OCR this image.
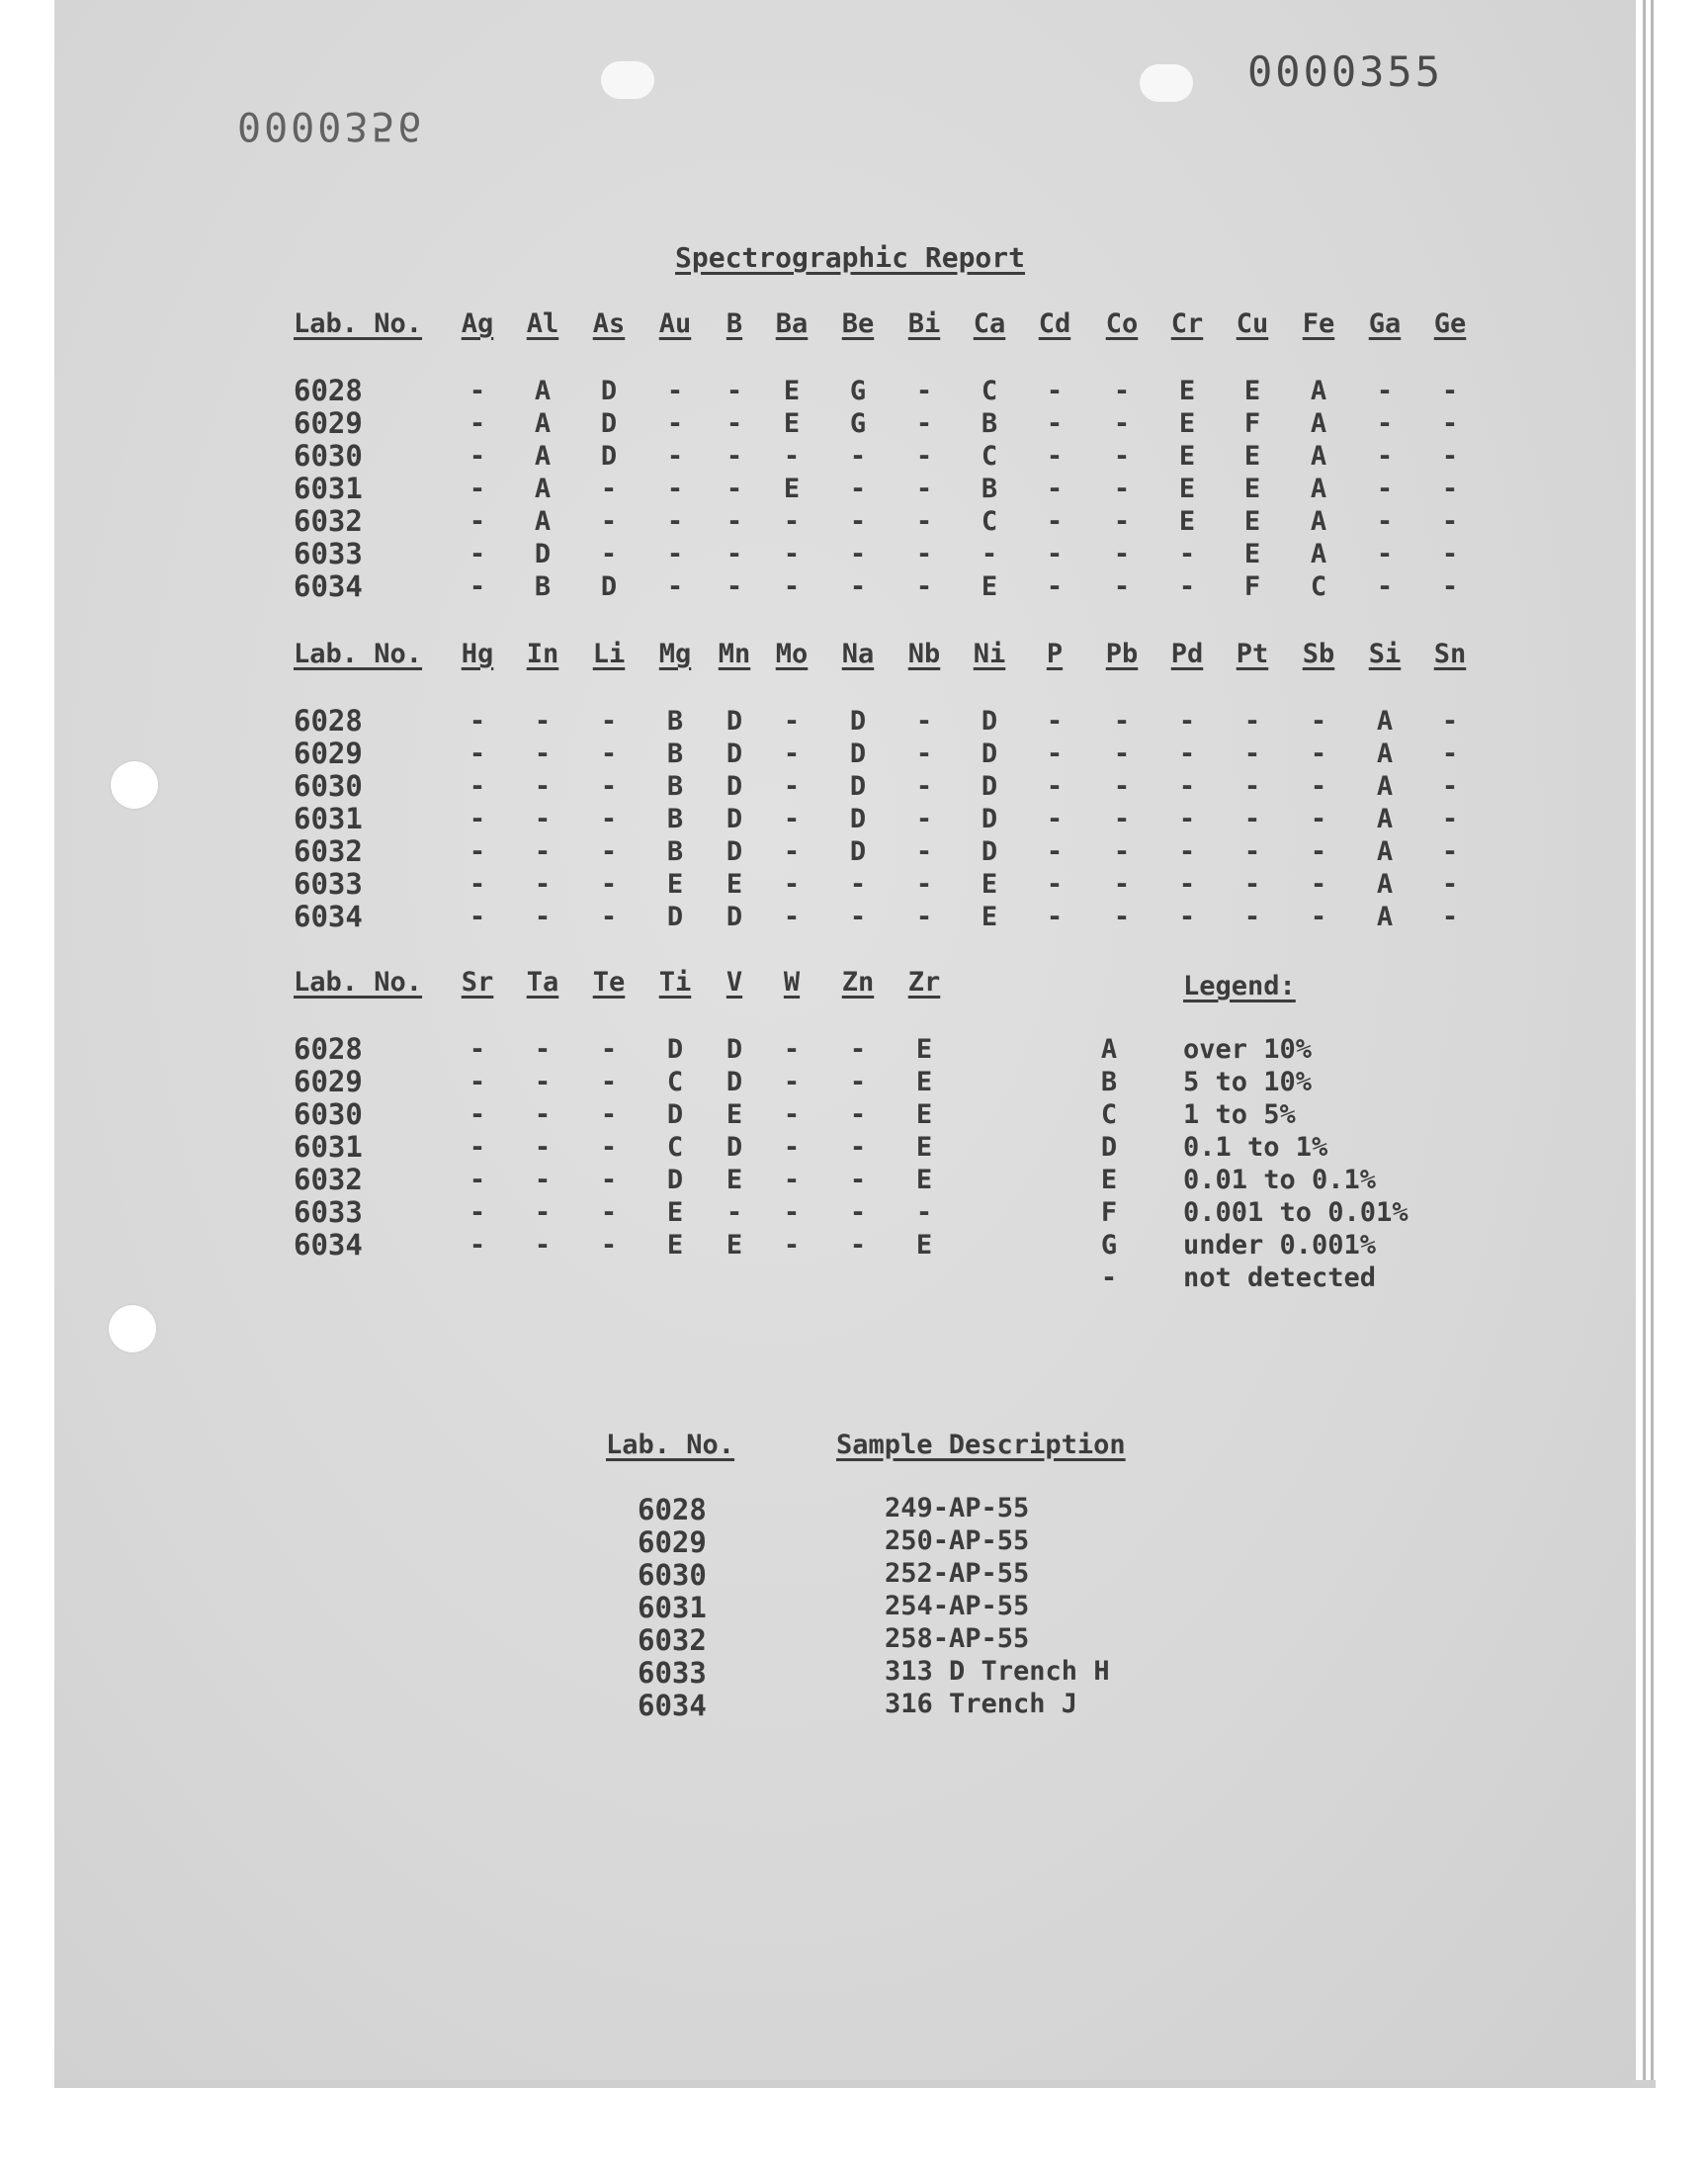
0000355
0000356
Spectrographic Report
Lab. No.	Ag	Al	As	Au	B	Ba	Be	Bi	Ca	Cd	Co	Cr	Cu	Fe	Ga	Ge
6028	-	A	D	-	-	E	G	-	C	-	-	E	E	A	-	-
6029	-	A	D	-	-	E	G	-	B	-	-	E	F	A	-	-
6030	-	A	D	-	-	-	-	-	C	-	-	E	E	A	-	-
6031	-	A	-	-	-	E	-	-	B	-	-	E	E	A	-	-
6032	-	A	-	-	-	-	-	-	C	-	-	E	E	A	-	-
6033	-	D	-	-	-	-	-	-	-	-	-	-	E	A	-	-
6034	-	B	D	-	-	-	-	-	E	-	-	-	F	C	-	-
Lab. No.	Hg	In	Li	Mg	Mn Mo	Na	Nb	Ni	P	Pb	Pd	Pt	Sb	Si	Sn
6028	-	-	-	B	D	-	D	-	D	-	-	-	-	-	A	-
6029	-	-	-	B	D	-	D	-	D	-	-	-	-	-	A	-
6030	-	-	-	B	D	-	D	-	D	-	-	-	-	-	A	-
6031	-	-	-	B	D	-	D	-	D	-	-	-	-	-	A	-
6032	-	-	-	B	D	-	D	-	D	-	-	-	-	-	A	-
6033	-	-	-	E	E	-	-	-	E	-	-	-	-	-	A	-
6034	-	-	-	D	D	-	-	-	E	-	-	-	-	-	A	-
Lab. No.	Sr	Ta	Te	Ti	V	W	Zn	Zr
6028	-	-	-	D	D	-	-	E
6029	-	-	-	C	D	-	-	E
6030	-	-	-	D	E	-	-	E
6031	-	-	-	C	D	-	-	E
6032	-	-	-	D	E	-	-	E
6033	-	-	-	E	-	-	-	-
6034	-	-	-	E	E	-	-	E
Legend:
A	over 10%
B	5 to 10%
C	1 to 5%
D	0.1 to 1%
E	0.01 to 0.1%
F	0.001 to 0.01%
G	under 0.001%
-	not detected
Lab. No.	Sample Description
6028	249-AP-55
6029	250-AP-55
6030	252-AP-55
6031	254-AP-55
6032	258-AP-55
6033	313 D Trench H
6034	316 Trench J
